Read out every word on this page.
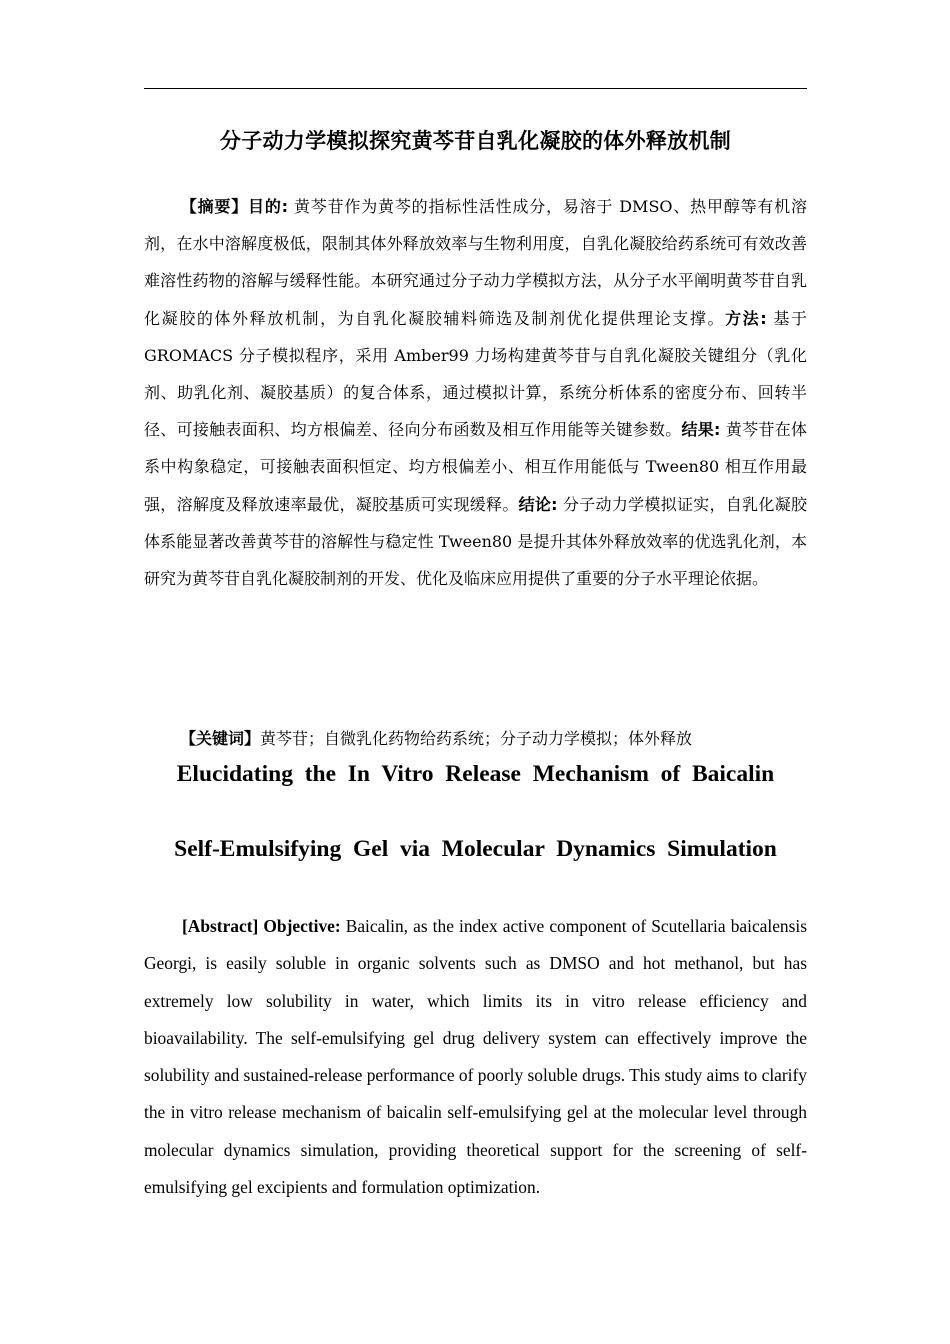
分子动力学模拟探究黄芩苷自乳化凝胶的体外释放机制
【摘要】目的: 黄芩苷作为黄芩的指标性活性成分，易溶于 DMSO、热甲醇等有机溶剂，在水中溶解度极低，限制其体外释放效率与生物利用度，自乳化凝胶给药系统可有效改善难溶性药物的溶解与缓释性能。本研究通过分子动力学模拟方法，从分子水平阐明黄芩苷自乳化凝胶的体外释放机制，为自乳化凝胶辅料筛选及制剂优化提供理论支撑。方法: 基于 GROMACS 分子模拟程序，采用 Amber99 力场构建黄芩苷与自乳化凝胶关键组分（乳化剂、助乳化剂、凝胶基质）的复合体系，通过模拟计算，系统分析体系的密度分布、回转半径、可接触表面积、均方根偏差、径向分布函数及相互作用能等关键参数。结果: 黄芩苷在体系中构象稳定，可接触表面积恒定、均方根偏差小、相互作用能低与 Tween80 相互作用最强，溶解度及释放速率最优，凝胶基质可实现缓释。结论: 分子动力学模拟证实，自乳化凝胶体系能显著改善黄芩苷的溶解性与稳定性 Tween80 是提升其体外释放效率的优选乳化剂，本研究为黄芩苷自乳化凝胶制剂的开发、优化及临床应用提供了重要的分子水平理论依据。
【关键词】黄芩苷；自微乳化药物给药系统；分子动力学模拟；体外释放
Elucidating  the  In  Vitro  Release  Mechanism  of  Baicalin
Self-Emulsifying  Gel  via  Molecular  Dynamics  Simulation
[Abstract] Objective: Baicalin, as the index active component of Scutellaria baicalensis Georgi, is easily soluble in organic solvents such as DMSO and hot methanol, but has extremely low solubility in water, which limits its in vitro release efficiency and bioavailability. The self-emulsifying gel drug delivery system can effectively improve the solubility and sustained-release performance of poorly soluble drugs. This study aims to clarify the in vitro release mechanism of baicalin self-emulsifying gel at the molecular level through molecular dynamics simulation, providing theoretical support for the screening of self-emulsifying gel excipients and formulation optimization.
